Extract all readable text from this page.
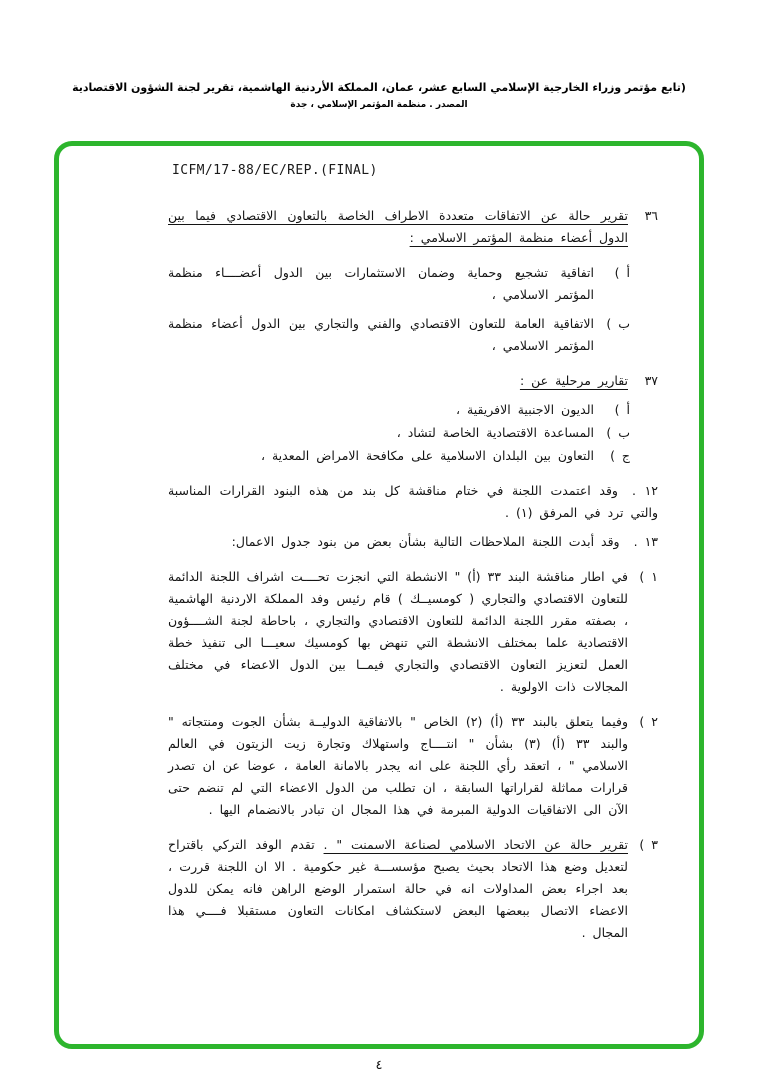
(تابع مؤتمر وزراء الخارجية الإسلامي السابع عشر، عمان، المملكة الأردنية الهاشمية، تقرير لجنة الشؤون الاقتصادية
المصدر . منظمة المؤتمر الإسلامي ، جدة
ICFM/17-88/EC/REP.(FINAL)
٣٦
تقرير حالة عن الاتفاقات متعددة الاطراف الخاصة بالتعاون الاقتصادي فيما بين الدول أعضاء منظمة المؤتمر الاسلامي :
أ )
اتفاقية تشجيع وحماية وضمان الاستثمارات بين الدول أعضــــاء منظمة المؤتمر الاسلامي ،
ب )
الاتفاقية العامة للتعاون الاقتصادي والفني والتجاري بين الدول أعضاء منظمة المؤتمر الاسلامي ،
٣٧
تقارير مرحلية عن :
أ )
الديون الاجنبية الافريقية ،
ب )
المساعدة الاقتصادية الخاصة لتشاد ،
ج )
التعاون بين البلدان الاسلامية على مكافحة الامراض المعدية ،
١٢ .وقد اعتمدت اللجنة في ختام مناقشة كل بند من هذه البنود القرارات المناسبة والتي ترد في المرفق (١) .
١٣ .وقد أبدت اللجنة الملاحظات التالية بشأن بعض من بنود جدول الاعمال:
١ )
في اطار مناقشة البند ٣٣ (أ) " الانشطة التي انجزت تحــــت اشراف اللجنة الدائمة للتعاون الاقتصادي والتجاري ( كومسيــك ) قام رئيس وفد المملكة الاردنية الهاشمية ، بصفته مقرر اللجنة الدائمة للتعاون الاقتصادي والتجاري ، باحاطة لجنة الشــــؤون الاقتصادية علما بمختلف الانشطة التي تنهض بها كومسيك سعيـــا الى تنفيذ خطة العمل لتعزيز التعاون الاقتصادي والتجاري فيمــا بين الدول الاعضاء في مختلف المجالات ذات الاولوية .
٢ )
وفيما يتعلق بالبند ٣٣ (أ) (٢) الخاص " بالاتفاقية الدوليــة بشأن الجوت ومنتجاته " والبند ٣٣ (أ) (٣) بشأن " انتــــاج واستهلاك وتجارة زيت الزيتون في العالم الاسلامي " ، اتعقد رأي اللجنة على انه يجدر بالامانة العامة ، عوضا عن ان تصدر قرارات مماثلة لقراراتها السابقة ، ان تطلب من الدول الاعضاء التي لم تنضم حتى الآن الى الاتفاقيات الدولية المبرمة في هذا المجال ان تبادر بالانضمام اليها .
٣ )
تقرير حالة عن الاتحاد الاسلامي لصناعة الاسمنت " . تقدم الوفد التركي باقتراح لتعديل وضع هذا الاتحاد بحيث يصبح مؤسســـة غير حكومية . الا ان اللجنة قررت ، بعد اجراء بعض المداولات انه في حالة استمرار الوضع الراهن فانه يمكن للدول الاعضاء الاتصال ببعضها البعض لاستكشاف امكانات التعاون مستقبلا فــــي هذا المجال .
٤
